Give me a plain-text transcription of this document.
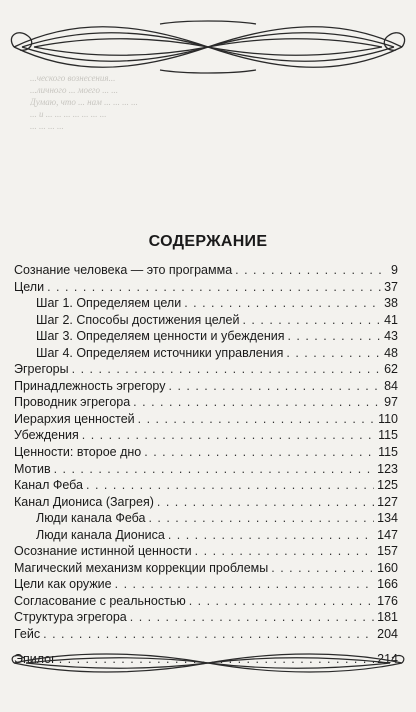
...ческого вознесения...
...личного ... моего ... ...
Думаю, что ... нам ... ... ... ...
... и ... ... ... ... ... ... ...
... ... ... ...
СОДЕРЖАНИЕ
Сознание человека — это программа . . .	9
Цели . . .	37
Шаг 1. Определяем цели . . .	38
Шаг 2. Способы достижения целей . . .	41
Шаг 3. Определяем ценности и убеждения . . .	43
Шаг 4. Определяем источники управления . . .	48
Эгрегоры . . .	62
Принадлежность эгрегору . . .	84
Проводник эгрегора . . .	97
Иерархия ценностей . . .	110
Убеждения . . .	115
Ценности: второе дно . . .	115
Мотив . . .	123
Канал Феба . . .	125
Канал Диониса (Загрея) . . .	127
Люди канала Феба . . .	134
Люди канала Диониса . . .	147
Осознание истинной ценности . . .	157
Магический механизм коррекции проблемы . . .	160
Цели как оружие . . .	166
Согласование с реальностью . . .	176
Структура эгрегора . . .	181
Гейс . . .	204
Эпилог . . .	214
